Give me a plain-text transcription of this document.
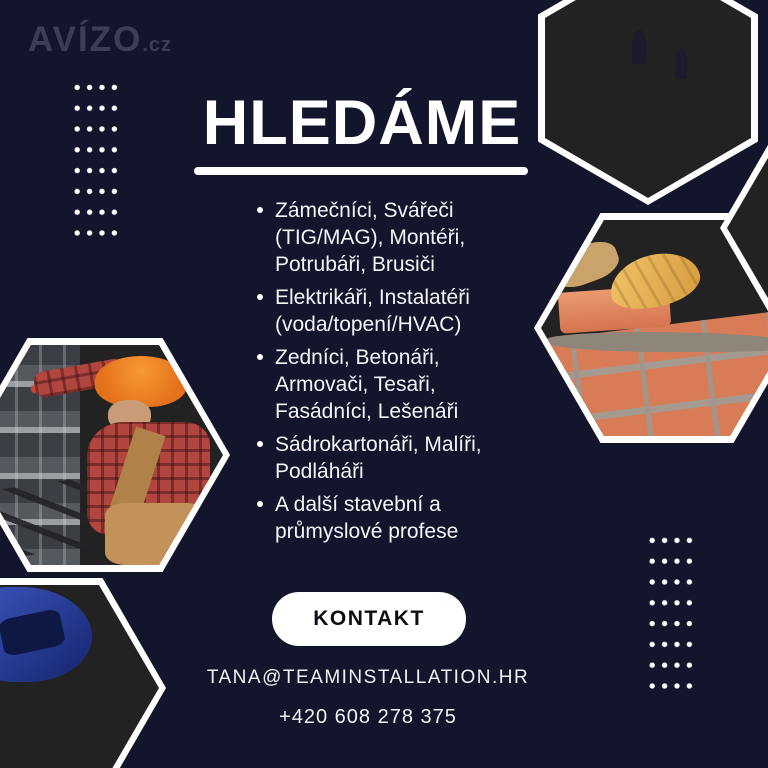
AVÍZO.cz
HLEDÁME
Zámečníci, Svářeči
(TIG/MAG), Montéři,
Potrubáři, Brusiči
Elektrikáři, Instalatéři
(voda/topení/HVAC)
Zedníci, Betonáři,
Armovači, Tesaři,
Fasádníci, Lešenáři
Sádrokartonáři, Malíři,
Podláháři
A další stavební a
průmyslové profese
KONTAKT
TANA@TEAMINSTALLATION.HR
+420 608 278 375
